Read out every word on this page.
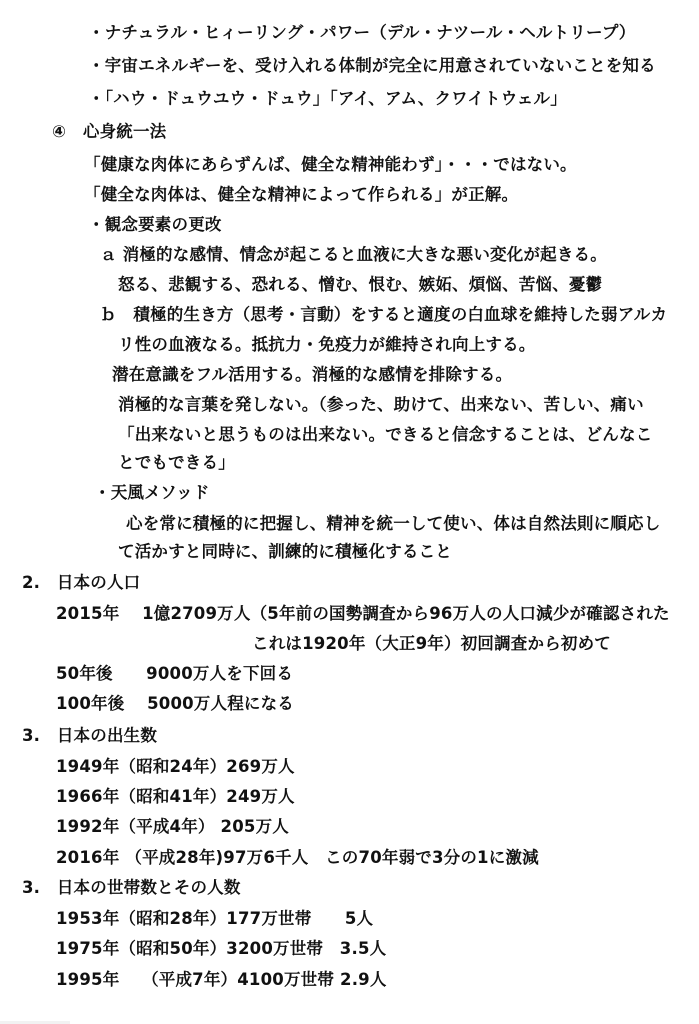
・ナチュラル・ヒィーリング・パワー（デル・ナツール・ヘルトリープ）
・宇宙エネルギーを、受け入れる体制が完全に用意されていないことを知る
・「ハウ・ドュウユウ・ドュウ」「アイ、アム、クワイトウェル」
④　心身統一法
「健康な肉体にあらずんば、健全な精神能わず」・・・ではない。
「健全な肉体は、健全な精神によって作られる」が正解。
・観念要素の更改
ａ 消極的な感情、情念が起こると血液に大きな悪い変化が起きる。
怒る、悲観する、恐れる、憎む、恨む、嫉妬、煩悩、苦悩、憂鬱
ｂ　積極的生き方（思考・言動）をすると適度の白血球を維持した弱アルカ
リ性の血液なる。抵抗力・免疫力が維持され向上する。
潜在意識をフル活用する。消極的な感情を排除する。
消極的な言葉を発しない。（参った、助けて、出来ない、苦しい、痛い
「出来ないと思うものは出来ない。できると信念することは、どんなこ
とでもできる」
・天風メソッド
心を常に積極的に把握し、精神を統一して使い、体は自然法則に順応し
て活かすと同時に、訓練的に積極化すること
2.　日本の人口
2015年　 1億2709万人（5年前の国勢調査から96万人の人口減少が確認された
これは1920年（大正9年）初回調査から初めて
50年後　　9000万人を下回る
100年後　 5000万人程になる
3.　日本の出生数
1949年（昭和24年）269万人
1966年（昭和41年）249万人
1992年（平成4年） 205万人
2016年 （平成28年)97万6千人　この70年弱で3分の1に激減
3.　日本の世帯数とその人数
1953年（昭和28年）177万世帯　　5人
1975年（昭和50年）3200万世帯　3.5人
1995年　 （平成7年）4100万世帯 2.9人
